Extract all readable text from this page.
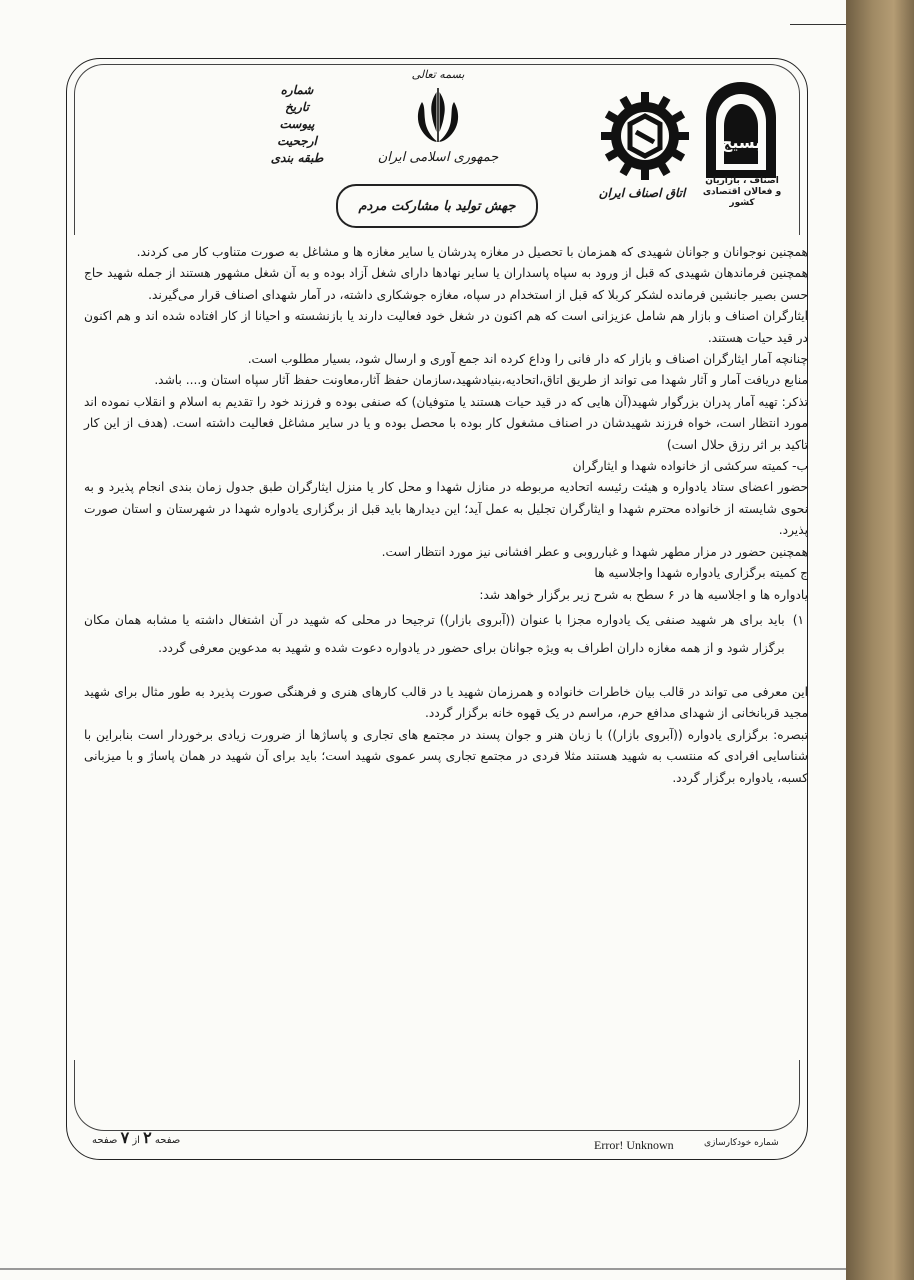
شماره
تاریخ
پیوست
ارجحیت
طبقه بندی
بسمه تعالی
جمهوری اسلامی ایران
جهش تولید با مشارکت مردم
اتاق اصناف ایران
بسیج
اصناف ، بازاریان
و فعالان اقتصادی
کشور

همچنین نوجوانان و جوانان شهیدی که همزمان با تحصیل در مغازه پدرشان یا سایر مغازه ها و مشاغل به صورت متناوب کار می کردند.

همچنین فرماندهان شهیدی که قبل از ورود به سپاه پاسداران یا سایر نهادها دارای شغل آزاد بوده و به آن شغل مشهور هستند از جمله شهید حاج حسن بصیر جانشین فرمانده لشکر کربلا که قبل از استخدام در سپاه، مغازه جوشکاری داشته، در آمار شهدای اصناف قرار می‌گیرند.

ایثارگران اصناف و بازار هم شامل عزیزانی است که هم اکنون در شغل خود فعالیت دارند یا بازنشسته و احیانا از کار افتاده شده اند و هم اکنون در قید حیات هستند.

چنانچه آمار ایثارگران اصناف و بازار که دار فانی را وداع کرده اند جمع آوری و ارسال شود، بسیار مطلوب است.

منابع دریافت آمار و آثار شهدا می تواند از طریق اتاق،اتحادیه،بنیادشهید،سازمان حفظ آثار،معاونت حفظ آثار سپاه استان و.... باشد.

تذکر: تهیه آمار پدران بزرگوار شهید(آن هایی که در قید حیات هستند یا متوفیان) که صنفی بوده و فرزند خود را تقدیم به اسلام و انقلاب نموده اند مورد انتظار است، خواه فرزند شهیدشان در اصناف مشغول کار بوده با محصل بوده و یا در سایر مشاغل فعالیت داشته است. (هدف از این کار تاکید بر اثر رزق حلال است)

ب- کمیته سرکشی از خانواده شهدا و ایثارگران

حضور اعضای ستاد یادواره و هیئت رئیسه اتحادیه مربوطه در منازل شهدا و محل کار یا منزل ایثارگران طبق جدول زمان بندی انجام پذیرد و به نحوی شایسته از خانواده محترم شهدا و ایثارگران تجلیل به عمل آید؛ این دیدارها باید قبل از برگزاری یادواره شهدا در شهرستان و استان صورت پذیرد.

همچنین حضور در مزار مطهر شهدا و غبارروبی و عطر افشانی نیز مورد انتظار است.

ج کمیته برگزاری یادواره شهدا واجلاسیه ها

یادواره ها و اجلاسیه ها در ۶ سطح به شرح زیر برگزار خواهد شد:

۱)
باید برای هر شهید صنفی یک یادواره مجزا با عنوان ((آبروی بازار)) ترجیحا در محلی که شهید در آن اشتغال داشته یا مشابه همان مکان برگزار شود و از همه مغازه داران اطراف به ویژه جوانان برای حضور در یادواره دعوت شده و شهید به مدعوین معرفی گردد.

این معرفی می تواند در قالب بیان خاطرات خانواده و همرزمان شهید یا در قالب کارهای هنری و فرهنگی صورت پذیرد به طور مثال برای شهید مجید قربانخانی از شهدای مدافع حرم، مراسم در یک قهوه خانه برگزار گردد.

تبصره: برگزاری یادواره ((آبروی بازار)) با زبان هنر و جوان پسند در مجتمع های تجاری و پاساژها از ضرورت زیادی برخوردار است بنابراین با شناسایی افرادی که منتسب به شهید هستند مثلا فردی در مجتمع تجاری پسر عموی شهید است؛ باید برای آن شهید در همان پاساژ و با میزبانی کسبه، یادواره برگزار گردد.

صفحه ۲ از ۷ صفحه	Error! Unknown	شماره خودکارسازی
